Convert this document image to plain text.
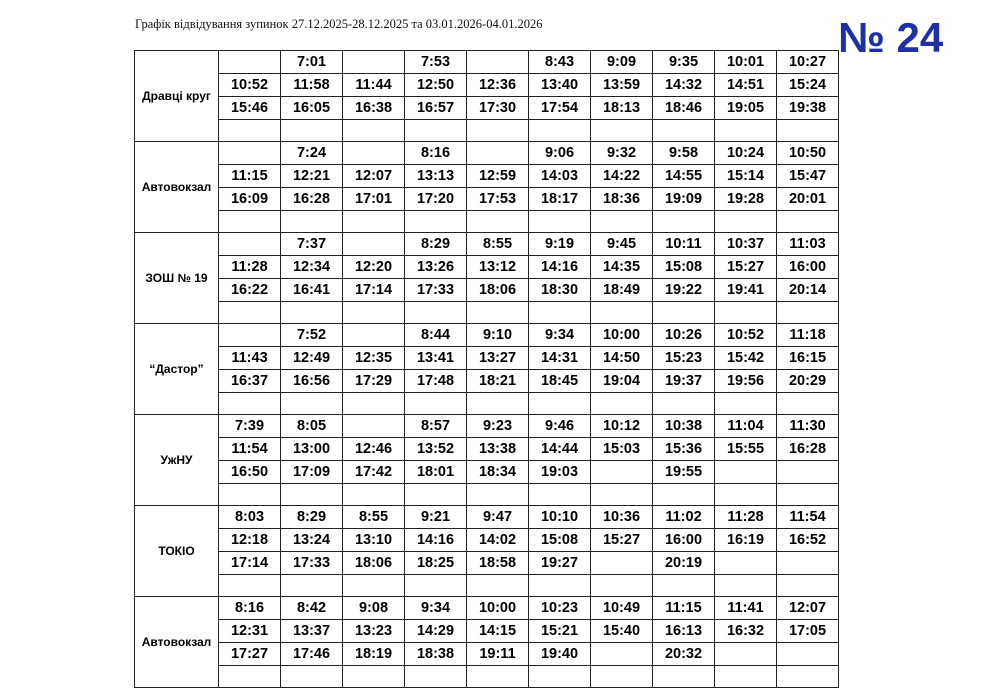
Графік відвідування зупинок 27.12.2025-28.12.2025 та 03.01.2026-04.01.2026	№ 24
Дравці круг		7:01		7:53		8:43	9:09	9:35	10:01	10:27
	10:52	11:58	11:44	12:50	12:36	13:40	13:59	14:32	14:51	15:24
	15:46	16:05	16:38	16:57	17:30	17:54	18:13	18:46	19:05	19:38

Автовокзал		7:24		8:16		9:06	9:32	9:58	10:24	10:50
	11:15	12:21	12:07	13:13	12:59	14:03	14:22	14:55	15:14	15:47
	16:09	16:28	17:01	17:20	17:53	18:17	18:36	19:09	19:28	20:01

ЗОШ № 19		7:37		8:29	8:55	9:19	9:45	10:11	10:37	11:03
	11:28	12:34	12:20	13:26	13:12	14:16	14:35	15:08	15:27	16:00
	16:22	16:41	17:14	17:33	18:06	18:30	18:49	19:22	19:41	20:14

“Дастор”		7:52		8:44	9:10	9:34	10:00	10:26	10:52	11:18
	11:43	12:49	12:35	13:41	13:27	14:31	14:50	15:23	15:42	16:15
	16:37	16:56	17:29	17:48	18:21	18:45	19:04	19:37	19:56	20:29

УжНУ	7:39	8:05		8:57	9:23	9:46	10:12	10:38	11:04	11:30
	11:54	13:00	12:46	13:52	13:38	14:44	15:03	15:36	15:55	16:28
	16:50	17:09	17:42	18:01	18:34	19:03		19:55		

ТОКІО	8:03	8:29	8:55	9:21	9:47	10:10	10:36	11:02	11:28	11:54
	12:18	13:24	13:10	14:16	14:02	15:08	15:27	16:00	16:19	16:52
	17:14	17:33	18:06	18:25	18:58	19:27		20:19		

Автовокзал	8:16	8:42	9:08	9:34	10:00	10:23	10:49	11:15	11:41	12:07
	12:31	13:37	13:23	14:29	14:15	15:21	15:40	16:13	16:32	17:05
	17:27	17:46	18:19	18:38	19:11	19:40		20:32		
